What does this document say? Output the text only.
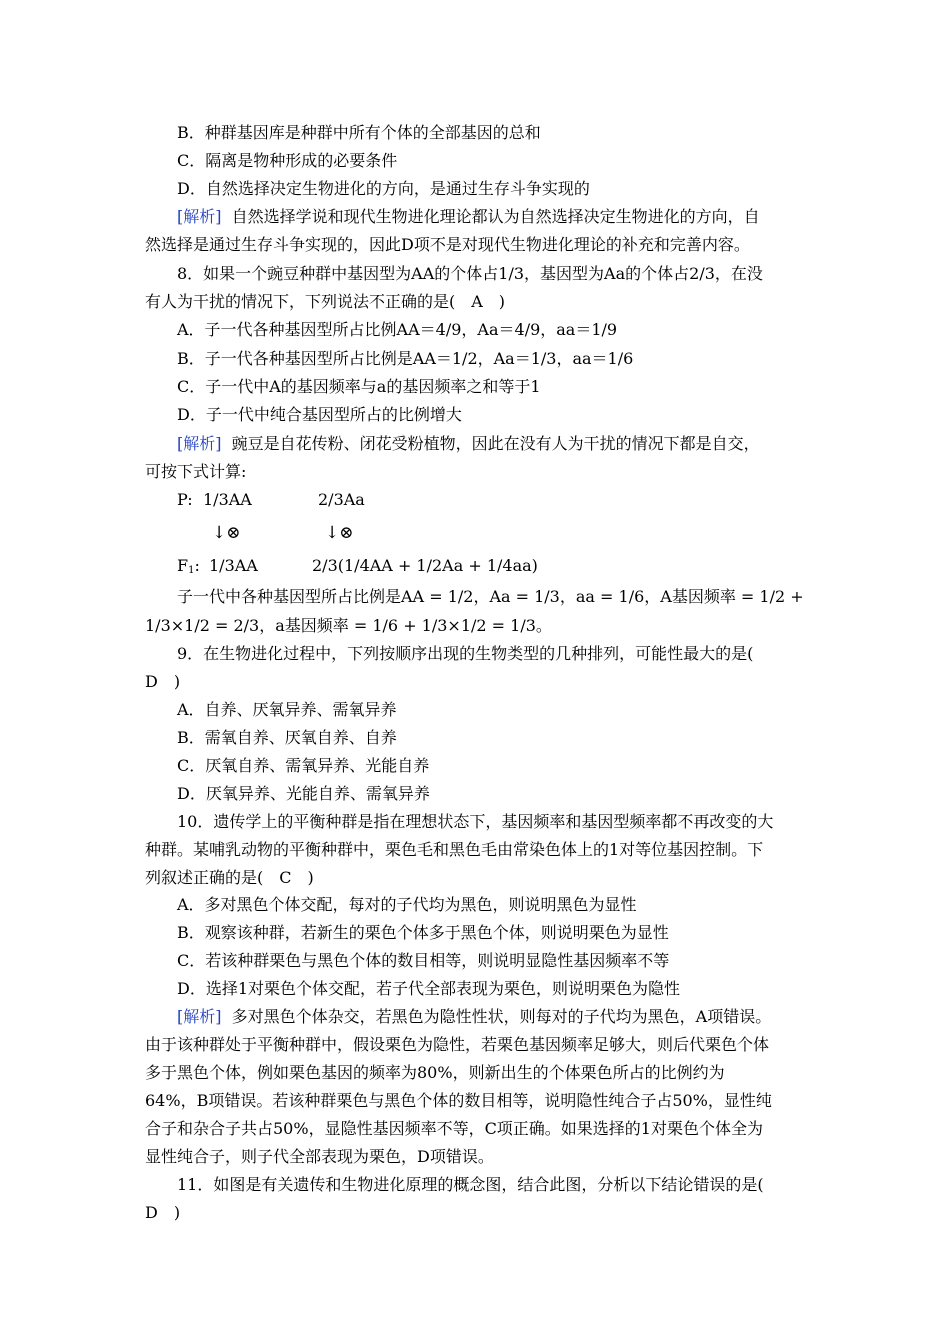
B．种群基因库是种群中所有个体的全部基因的总和
C．隔离是物种形成的必要条件
D．自然选择决定生物进化的方向，是通过生存斗争实现的
[解析] 自然选择学说和现代生物进化理论都认为自然选择决定生物进化的方向，自
然选择是通过生存斗争实现的，因此D项不是对现代生物进化理论的补充和完善内容。
8．如果一个豌豆种群中基因型为AA的个体占1/3，基因型为Aa的个体占2/3，在没
有人为干扰的情况下，下列说法不正确的是(　A　)
A．子一代各种基因型所占比例AA＝4/9，Aa＝4/9，aa＝1/9
B．子一代各种基因型所占比例是AA＝1/2，Aa＝1/3，aa＝1/6
C．子一代中A的基因频率与a的基因频率之和等于1
D．子一代中纯合基因型所占的比例增大
[解析] 豌豆是自花传粉、闭花受粉植物，因此在没有人为干扰的情况下都是自交，
可按下式计算:
P: 1/3AA	2/3Aa
↓⊗	↓⊗
$F_1$: 1/3AA	2/3(1/4AA + 1/2Aa + 1/4aa)
子一代中各种基因型所占比例是AA = 1/2，Aa = 1/3，aa = 1/6，A基因频率 = 1/2 +
1/3×1/2 = 2/3，a基因频率 = 1/6 + 1/3×1/2 = 1/3。
9．在生物进化过程中，下列按顺序出现的生物类型的几种排列，可能性最大的是(
D　)
A．自养、厌氧异养、需氧异养
B．需氧自养、厌氧自养、自养
C．厌氧自养、需氧异养、光能自养
D．厌氧异养、光能自养、需氧异养
10．遗传学上的平衡种群是指在理想状态下，基因频率和基因型频率都不再改变的大
种群。某哺乳动物的平衡种群中，栗色毛和黑色毛由常染色体上的1对等位基因控制。下
列叙述正确的是(　C　)
A．多对黑色个体交配，每对的子代均为黑色，则说明黑色为显性
B．观察该种群，若新生的栗色个体多于黑色个体，则说明栗色为显性
C．若该种群栗色与黑色个体的数目相等，则说明显隐性基因频率不等
D．选择1对栗色个体交配，若子代全部表现为栗色，则说明栗色为隐性
[解析] 多对黑色个体杂交，若黑色为隐性性状，则每对的子代均为黑色，A项错误。
由于该种群处于平衡种群中，假设栗色为隐性，若栗色基因频率足够大，则后代栗色个体
多于黑色个体，例如栗色基因的频率为80%，则新出生的个体栗色所占的比例约为
64%，B项错误。若该种群栗色与黑色个体的数目相等，说明隐性纯合子占50%，显性纯
合子和杂合子共占50%，显隐性基因频率不等，C项正确。如果选择的1对栗色个体全为
显性纯合子，则子代全部表现为栗色，D项错误。
11．如图是有关遗传和生物进化原理的概念图，结合此图，分析以下结论错误的是(
D　)
